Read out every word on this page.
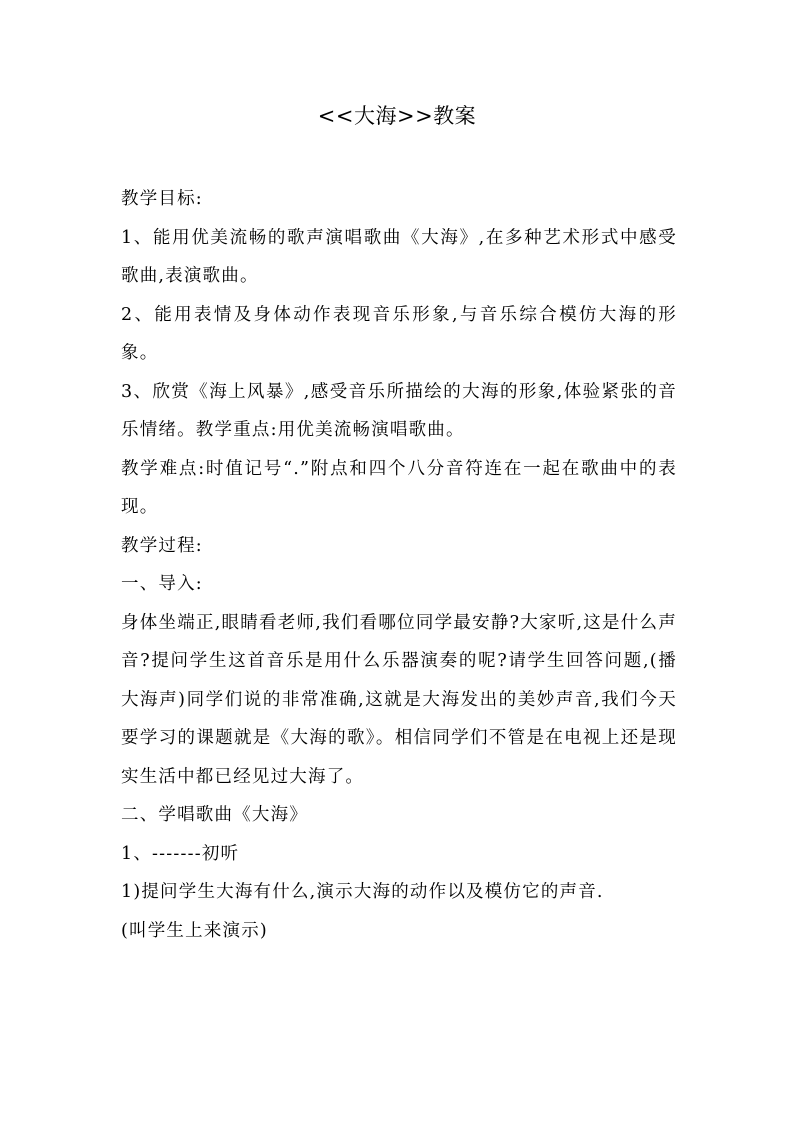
<<大海>>教案

教学目标:

1、能用优美流畅的歌声演唱歌曲《大海》,在多种艺术形式中感受歌曲,表演歌曲。

2、能用表情及身体动作表现音乐形象,与音乐综合模仿大海的形象。

3、欣赏《海上风暴》,感受音乐所描绘的大海的形象,体验紧张的音乐情绪。教学重点:用优美流畅演唱歌曲。

教学难点:时值记号“.”附点和四个八分音符连在一起在歌曲中的表现。

教学过程:

一、导入:

身体坐端正,眼睛看老师,我们看哪位同学最安静?大家听,这是什么声音?提问学生这首音乐是用什么乐器演奏的呢?请学生回答问题,(播大海声)同学们说的非常准确,这就是大海发出的美妙声音,我们今天要学习的课题就是《大海的歌》。相信同学们不管是在电视上还是现实生活中都已经见过大海了。

二、学唱歌曲《大海》

1、-------初听

1)提问学生大海有什么,演示大海的动作以及模仿它的声音.

(叫学生上来演示)
